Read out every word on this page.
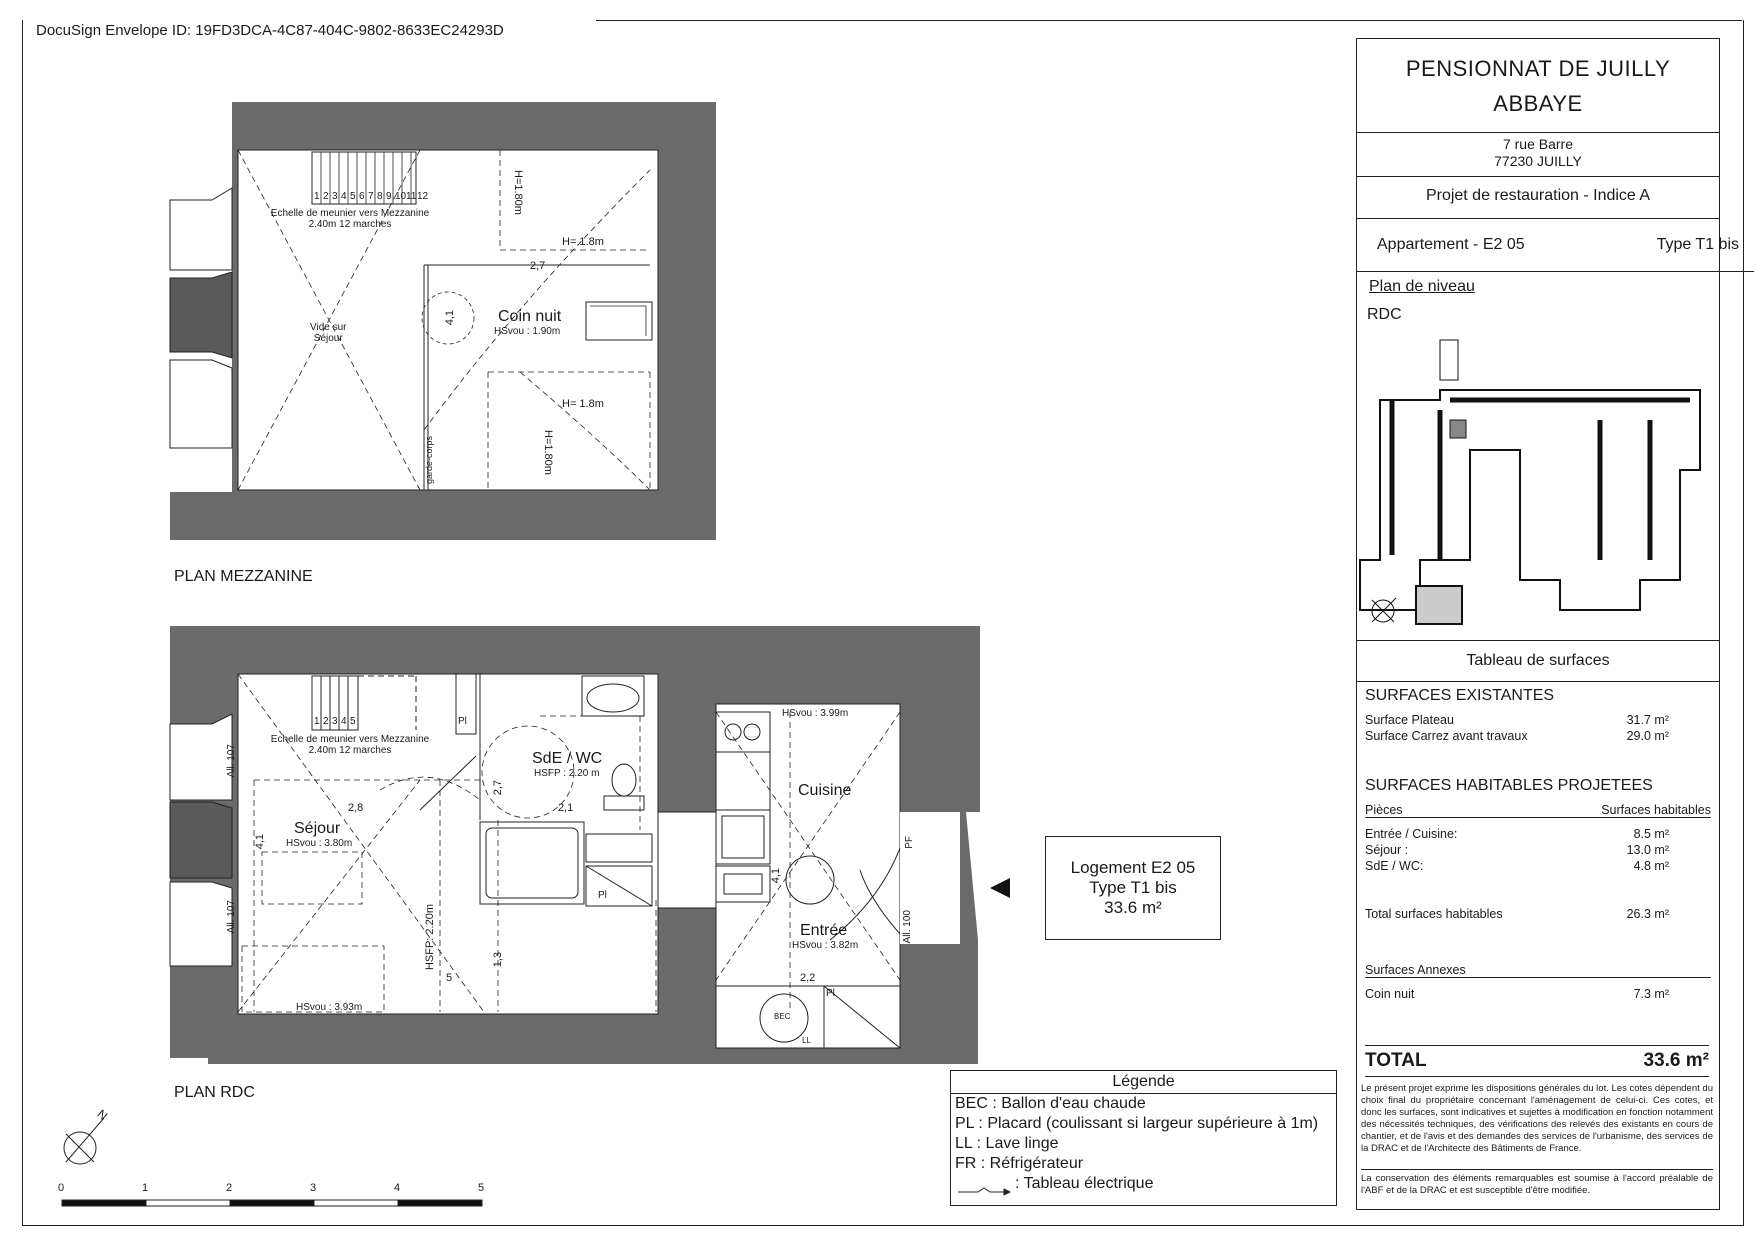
DocuSign Envelope ID: 19FD3DCA-4C87-404C-9802-8633EC24293D
PLAN MEZZANINE
1 2 3 4 5 6 7 8 9 10 11 12
Echelle de meunier vers Mezzanine
2.40m 12 marches
Vide sur
Séjour
H=1.80m
H= 1.8m
2,7
4,1	Coin nuit
HSvou : 1.90m
H= 1.8m
H=1.80m
garde-corps
PLAN RDC
1 2 3 4 5
Echelle de meunier vers Mezzanine
2.40m 12 marches
Pl
All. 107
All. 107
2,8
2,7
2,1
4,1
Séjour
HSvou : 3.80m
SdE / WC
HSFP : 2.20 m
HSFP: 2.20m	1,3
5
HSvou : 3.93m
Pl
HSvou : 3.99m
Cuisine
4,1
Entrée
HSvou : 3.82m
2,2
BEC
LL
Pl
All. 100
PF
N
0	1	2	3	4	5
Logement E2 05
Type T1 bis
33.6 m²
Légende
BEC : Ballon d'eau chaude
PL : Placard (coulissant si largeur supérieure à 1m)
LL : Lave linge
FR : Réfrigérateur
: Tableau électrique
PENSIONNAT DE JUILLY
ABBAYE
7 rue Barre
77230 JUILLY
Projet de restauration - Indice A
Appartement - E2 05	Type T1 bis
Plan de niveau
RDC
Tableau de surfaces
SURFACES EXISTANTES
Surface Plateau	31.7 m²
Surface Carrez avant travaux	29.0 m²
SURFACES HABITABLES PROJETEES
Pièces	Surfaces habitables
Entrée / Cuisine:	8.5 m²
Séjour :	13.0 m²
SdE / WC:	4.8 m²
Total surfaces habitables	26.3 m²
Surfaces Annexes
Coin nuit	7.3 m²
TOTAL	33.6 m²
Le présent projet exprime les dispositions générales du lot. Les cotes dépendent du choix final du propriétaire concernant l'aménagement de celui-ci. Ces cotes, et donc les surfaces, sont indicatives et sujettes à modification en fonction notamment des nécessités techniques, des vérifications des relevés des existants en cours de chantier, et de l'avis et des demandes des services de l'urbanisme, des services de la DRAC et de l'Architecte des Bâtiments de France.
La conservation des éléments remarquables est soumise à l'accord préalable de l'ABF et de la DRAC et est susceptible d'être modifiée.
